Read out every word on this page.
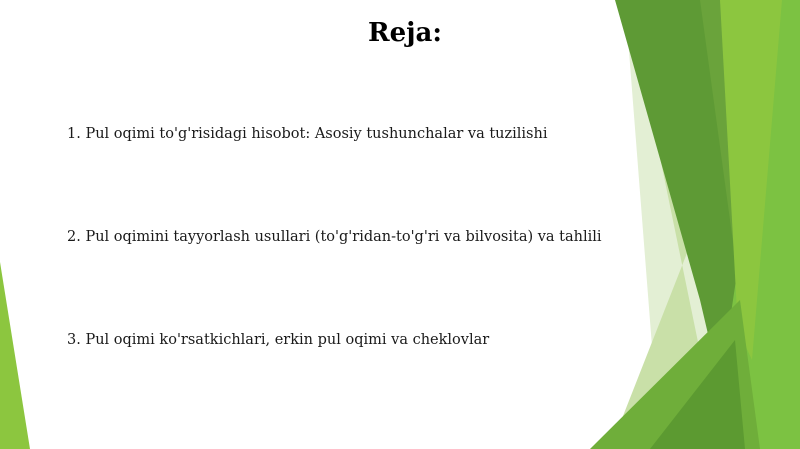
Reja:
1. Pul oqimi to'g'risidagi hisobot: Asosiy tushunchalar va tuzilishi
2. Pul oqimini tayyorlash usullari (to'g'ridan-to'g'ri va bilvosita) va tahlili
3. Pul oqimi ko'rsatkichlari, erkin pul oqimi va cheklovlar
